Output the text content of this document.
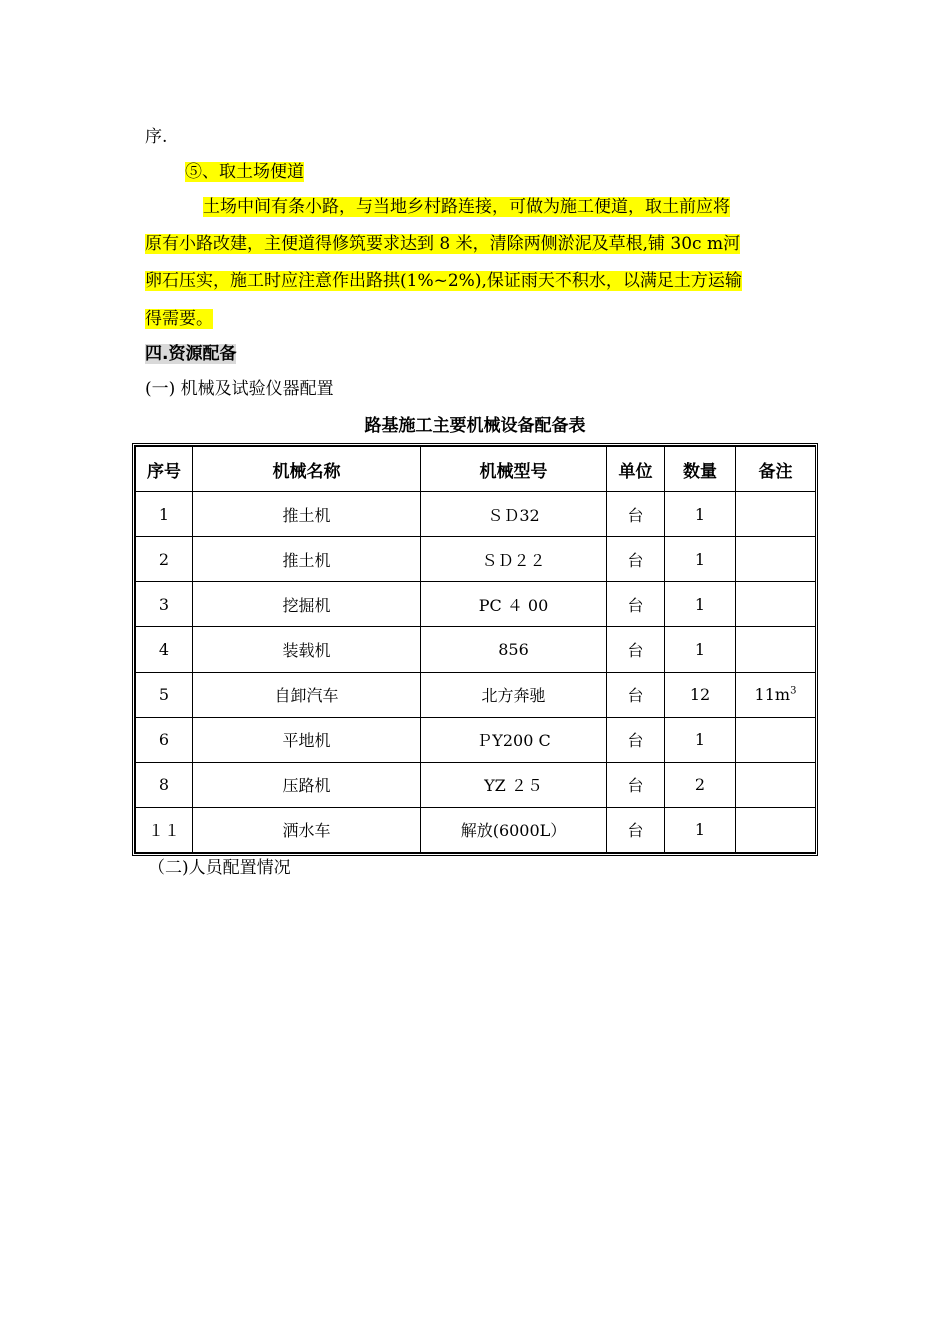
序.
⑤、取土场便道
土场中间有条小路，与当地乡村路连接，可做为施工便道，取土前应将
原有小路改建，主便道得修筑要求达到 8 米，清除两侧淤泥及草根,铺 30c m河
卵石压实，施工时应注意作出路拱(1%~2%),保证雨天不积水，以满足土方运输
得需要。
四.资源配备
(一) 机械及试验仪器配置
路基施工主要机械设备配备表
序号	机械名称	机械型号	单位	数量	备注
1	推土机	ＳＤ32	台	1	
2	推土机	ＳＤ２２	台	1	
3	挖掘机	PC ４ 00	台	1	
4	装载机	856	台	1	
5	自卸汽车	北方奔驰	台	12	$11m^3$
6	平地机	ＰY200 C	台	1	
8	压路机	YZ ２５	台	2	
１１	洒水车	解放(6000L）	台	1	
（二)人员配置情况
